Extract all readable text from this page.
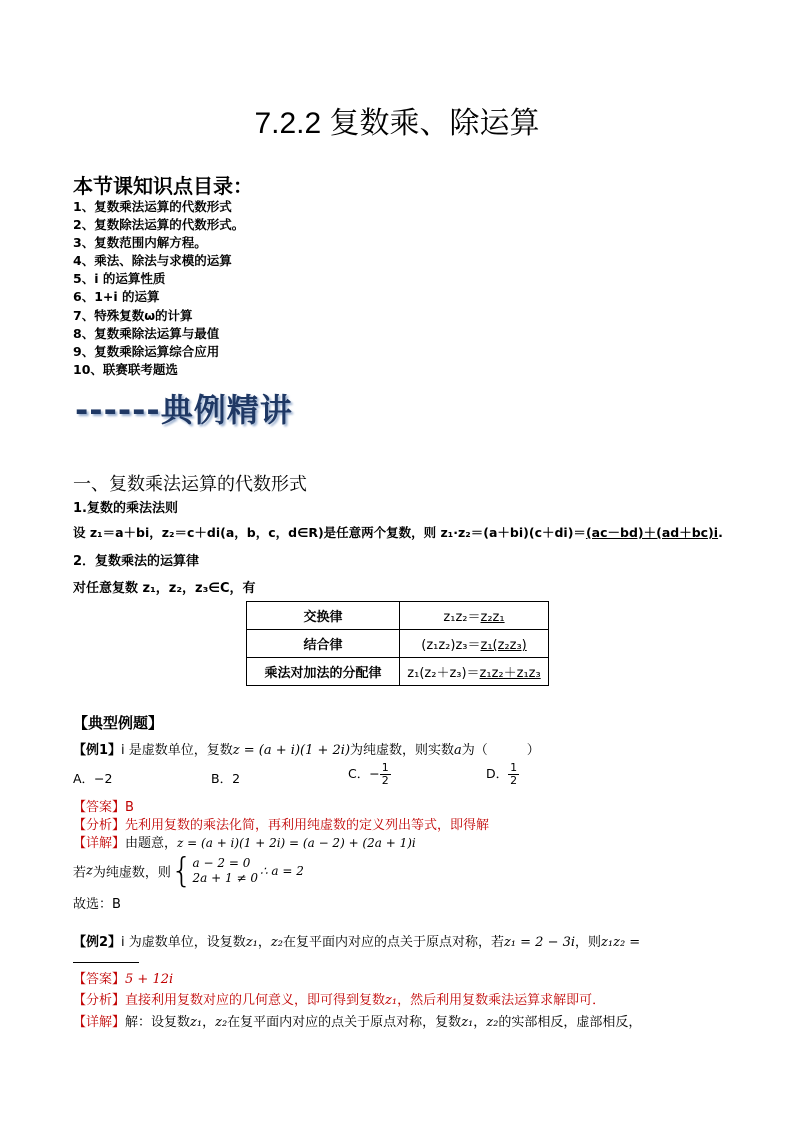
7.2.2 复数乘、除运算
本节课知识点目录：
1、复数乘法运算的代数形式
2、复数除法运算的代数形式。
3、复数范围内解方程。
4、乘法、除法与求模的运算
5、i 的运算性质
6、1+i 的运算
7、特殊复数ω的计算
8、复数乘除法运算与最值
9、复数乘除运算综合应用
10、联赛联考题选
------典例精讲
一、复数乘法运算的代数形式
1.复数的乘法法则
设 z₁＝a＋bi，z₂＝c＋di(a，b，c，d∈R)是任意两个复数，则 z₁·z₂＝(a＋bi)(c＋di)＝(ac－bd)＋(ad＋bc)i.
2．复数乘法的运算律
对任意复数 z₁，z₂，z₃∈C，有
交换律	z₁z₂＝z₂z₁
结合律	(z₁z₂)z₃＝z₁(z₂z₃)
乘法对加法的分配律	z₁(z₂＋z₃)＝z₁z₂＋z₁z₃
【典型例题】
【例1】i 是虚数单位，复数z = (a + i)(1 + 2i)为纯虚数，则实数a为（　　　）
A．−2	B．2	C．− $\frac{1}{2}$	D． $\frac{1}{2}$
【答案】B
【分析】先利用复数的乘法化简，再利用纯虚数的定义列出等式，即得解
【详解】由题意，z = (a + i)(1 + 2i) = (a − 2) + (2a + 1)i
若z为纯虚数，则{ a − 2 = 0
2a + 1 ≠ 0
∴ a = 2
故选：B
【例2】i 为虚数单位，设复数z₁，z₂在复平面内对应的点关于原点对称，若z₁ = 2 − 3i，则z₁z₂ =
【答案】5 + 12i
【分析】直接利用复数对应的几何意义，即可得到复数z₁，然后利用复数乘法运算求解即可．
【详解】解：设复数z₁，z₂在复平面内对应的点关于原点对称，复数z₁，z₂的实部相反，虚部相反，
